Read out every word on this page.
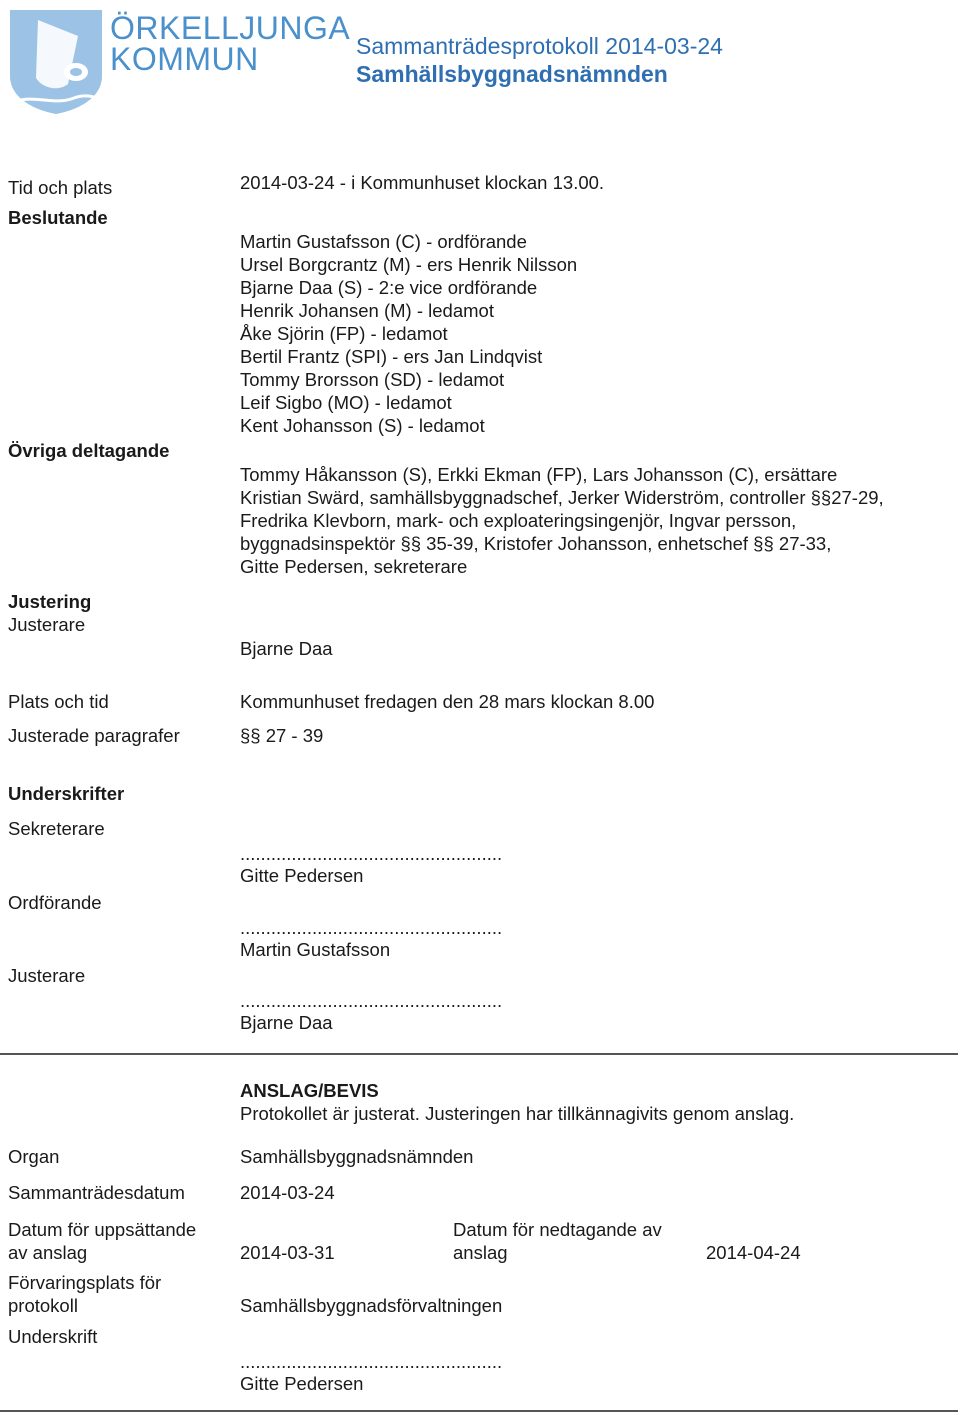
ÖRKELLJUNGA
KOMMUN	Sammanträdesprotokoll 2014-03-24
Samhällsbyggnadsnämnden
Tid och plats	2014-03-24 - i Kommunhuset klockan 13.00.
Beslutande
Martin Gustafsson (C) - ordförande
Ursel Borgcrantz (M) - ers Henrik Nilsson
Bjarne Daa (S) - 2:e vice ordförande
Henrik Johansen (M) - ledamot
Åke Sjörin (FP) - ledamot
Bertil Frantz (SPI) - ers Jan Lindqvist
Tommy Brorsson (SD) - ledamot
Leif Sigbo (MO) - ledamot
Kent Johansson (S) - ledamot
Övriga deltagande
Tommy Håkansson (S), Erkki Ekman (FP), Lars Johansson (C), ersättare
Kristian Swärd, samhällsbyggnadschef, Jerker Widerström, controller §§27-29,
Fredrika Klevborn, mark- och exploateringsingenjör, Ingvar persson,
byggnadsinspektör §§ 35-39, Kristofer Johansson, enhetschef §§ 27-33,
Gitte Pedersen, sekreterare
Justering
Justerare
Bjarne Daa
Plats och tid	Kommunhuset fredagen den 28 mars klockan 8.00
Justerade paragrafer	§§ 27 - 39
Underskrifter
Sekreterare
...................................................
Gitte Pedersen
Ordförande
...................................................
Martin Gustafsson
Justerare
...................................................
Bjarne Daa
ANSLAG/BEVIS
Protokollet är justerat. Justeringen har tillkännagivits genom anslag.
Organ	Samhällsbyggnadsnämnden
Sammanträdesdatum	2014-03-24
Datum för uppsättande
av anslag	2014-03-31
Datum för nedtagande av
anslag	2014-04-24
Förvaringsplats för
protokoll	Samhällsbyggnadsförvaltningen
Underskrift
...................................................
Gitte Pedersen
